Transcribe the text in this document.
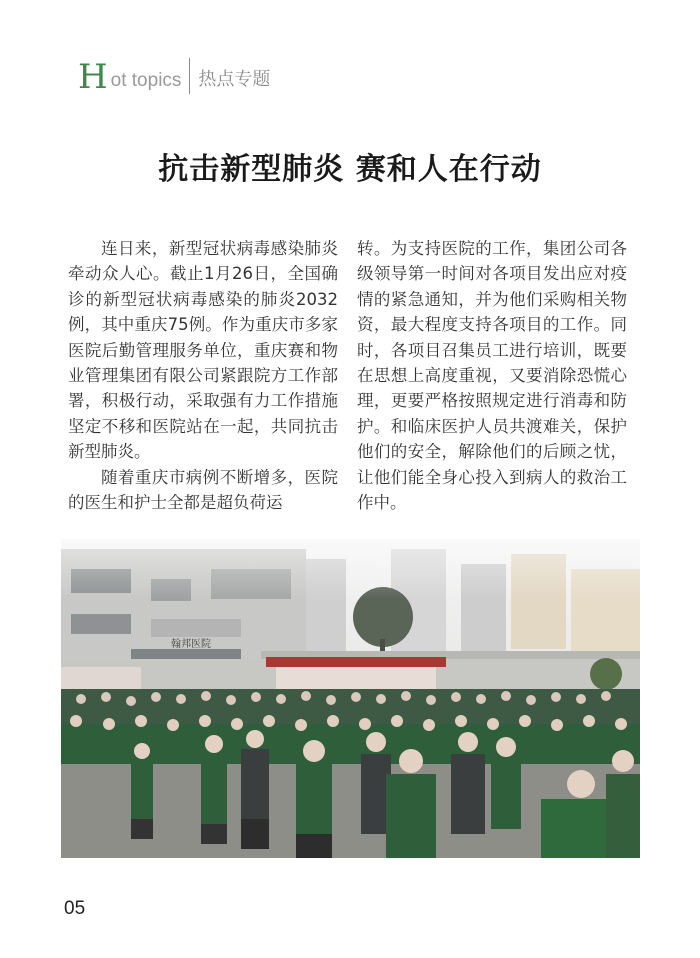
H ot topics 热点专题
抗击新型肺炎 赛和人在行动

连日来，新型冠状病毒感染肺炎牵动众人心。截止1月26日，全国确诊的新型冠状病毒感染的肺炎2032例，其中重庆75例。作为重庆市多家医院后勤管理服务单位，重庆赛和物业管理集团有限公司紧跟院方工作部署，积极行动，采取强有力工作措施坚定不移和医院站在一起，共同抗击新型肺炎。

随着重庆市病例不断增多，医院的医生和护士全都是超负荷运

转。为支持医院的工作，集团公司各级领导第一时间对各项目发出应对疫情的紧急通知，并为他们采购相关物资，最大程度支持各项目的工作。同时，各项目召集员工进行培训，既要在思想上高度重视，又要消除恐慌心理，更要严格按照规定进行消毒和防护。和临床医护人员共渡难关，保护他们的安全，解除他们的后顾之忧，让他们能全身心投入到病人的救治工作中。

翰邦医院
05
